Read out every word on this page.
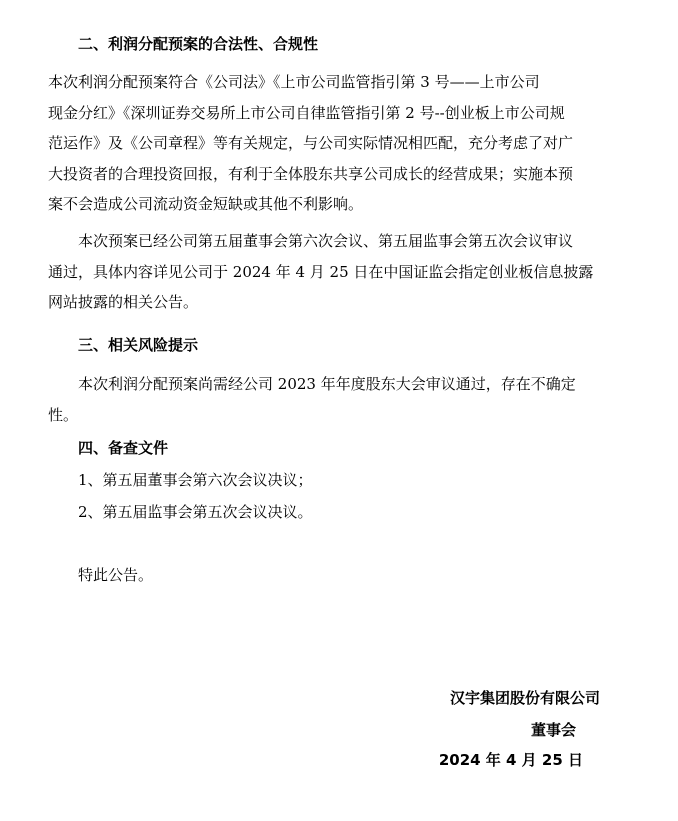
二、利润分配预案的合法性、合规性

本次利润分配预案符合《公司法》《上市公司监管指引第 3 号——上市公司
现金分红》《深圳证券交易所上市公司自律监管指引第 2 号--创业板上市公司规
范运作》及《公司章程》等有关规定，与公司实际情况相匹配，充分考虑了对广
大投资者的合理投资回报，有利于全体股东共享公司成长的经营成果；实施本预
案不会造成公司流动资金短缺或其他不利影响。

本次预案已经公司第五届董事会第六次会议、第五届监事会第五次会议审议
通过，具体内容详见公司于 2024 年 4 月 25 日在中国证监会指定创业板信息披露
网站披露的相关公告。

三、相关风险提示

本次利润分配预案尚需经公司 2023 年年度股东大会审议通过，存在不确定
性。

四、备查文件

1、第五届董事会第六次会议决议；

2、第五届监事会第五次会议决议。

特此公告。

汉宇集团股份有限公司

董事会

2024 年 4 月 25 日
